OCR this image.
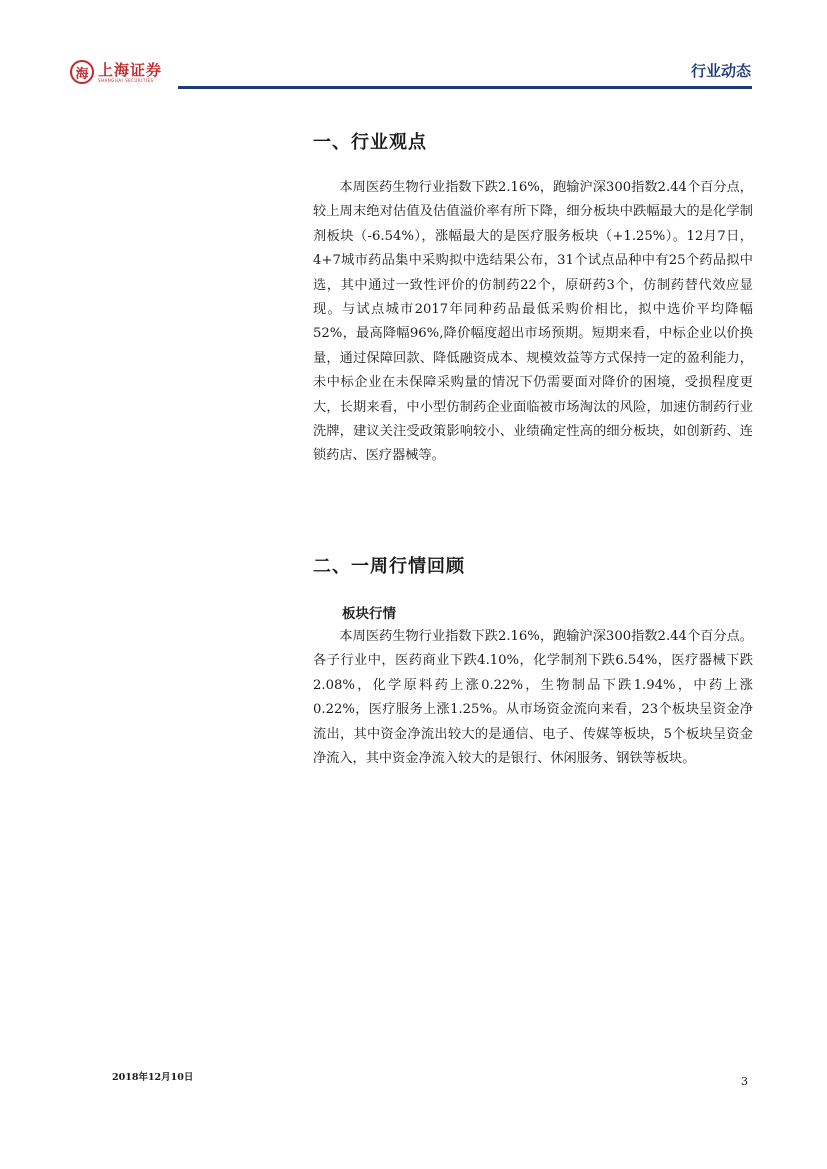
海 上海证券
SHANGHAI SECURITIES	行业动态
一、行业观点

本周医药生物行业指数下跌2.16%，跑输沪深300指数2.44个百分点，较上周末绝对估值及估值溢价率有所下降，细分板块中跌幅最大的是化学制剂板块（-6.54%），涨幅最大的是医疗服务板块（+1.25%）。12月7日，4+7城市药品集中采购拟中选结果公布，31个试点品种中有25个药品拟中选，其中通过一致性评价的仿制药22个，原研药3个，仿制药替代效应显现。与试点城市2017年同种药品最低采购价相比，拟中选价平均降幅52%，最高降幅96%,降价幅度超出市场预期。短期来看，中标企业以价换量，通过保障回款、降低融资成本、规模效益等方式保持一定的盈利能力，未中标企业在未保障采购量的情况下仍需要面对降价的困境，受损程度更大，长期来看，中小型仿制药企业面临被市场淘汰的风险，加速仿制药行业洗牌，建议关注受政策影响较小、业绩确定性高的细分板块，如创新药、连锁药店、医疗器械等。

二、一周行情回顾
板块行情

本周医药生物行业指数下跌2.16%，跑输沪深300指数2.44个百分点。各子行业中，医药商业下跌4.10%，化学制剂下跌6.54%，医疗器械下跌2.08%，化学原料药上涨0.22%，生物制品下跌1.94%，中药上涨0.22%，医疗服务上涨1.25%。从市场资金流向来看，23个板块呈资金净流出，其中资金净流出较大的是通信、电子、传媒等板块，5个板块呈资金净流入，其中资金净流入较大的是银行、休闲服务、钢铁等板块。

2018年12月10日	3
